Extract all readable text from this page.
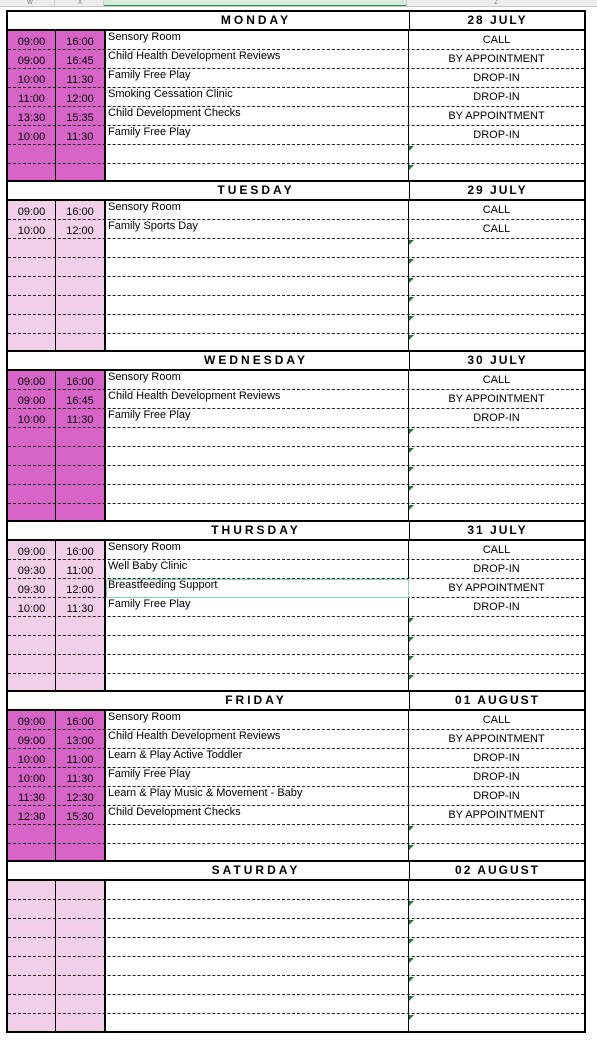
W	X	Z
MONDAY	28 JULY
09:00	16:00	Sensory Room	CALL
09:00	16:45	Child Health Development Reviews	BY APPOINTMENT
10:00	11:30	Family Free Play	DROP-IN
11:00	12:00	Smoking Cessation Clinic	DROP-IN
13:30	15:35	Child Development Checks	BY APPOINTMENT
10:00	11:30	Family Free Play	DROP-IN
TUESDAY	29 JULY
09:00	16:00	Sensory Room	CALL
10:00	12:00	Family Sports Day	CALL
WEDNESDAY	30 JULY
09:00	16:00	Sensory Room	CALL
09:00	16:45	Child Health Development Reviews	BY APPOINTMENT
10:00	11:30	Family Free Play	DROP-IN
THURSDAY	31 JULY
09:00	16:00	Sensory Room	CALL
09:30	11:00	Well Baby Clinic	DROP-IN
09:30	12:00	Breastfeeding Support	BY APPOINTMENT
10:00	11:30	Family Free Play	DROP-IN
FRIDAY	01 AUGUST
09:00	16:00	Sensory Room	CALL
09:00	13:00	Child Health Development Reviews	BY APPOINTMENT
10:00	11:00	Learn & Play Active Toddler	DROP-IN
10:00	11:30	Family Free Play	DROP-IN
11:30	12:30	Learn & Play Music & Movement - Baby	DROP-IN
12:30	15:30	Child Development Checks	BY APPOINTMENT
SATURDAY	02 AUGUST
